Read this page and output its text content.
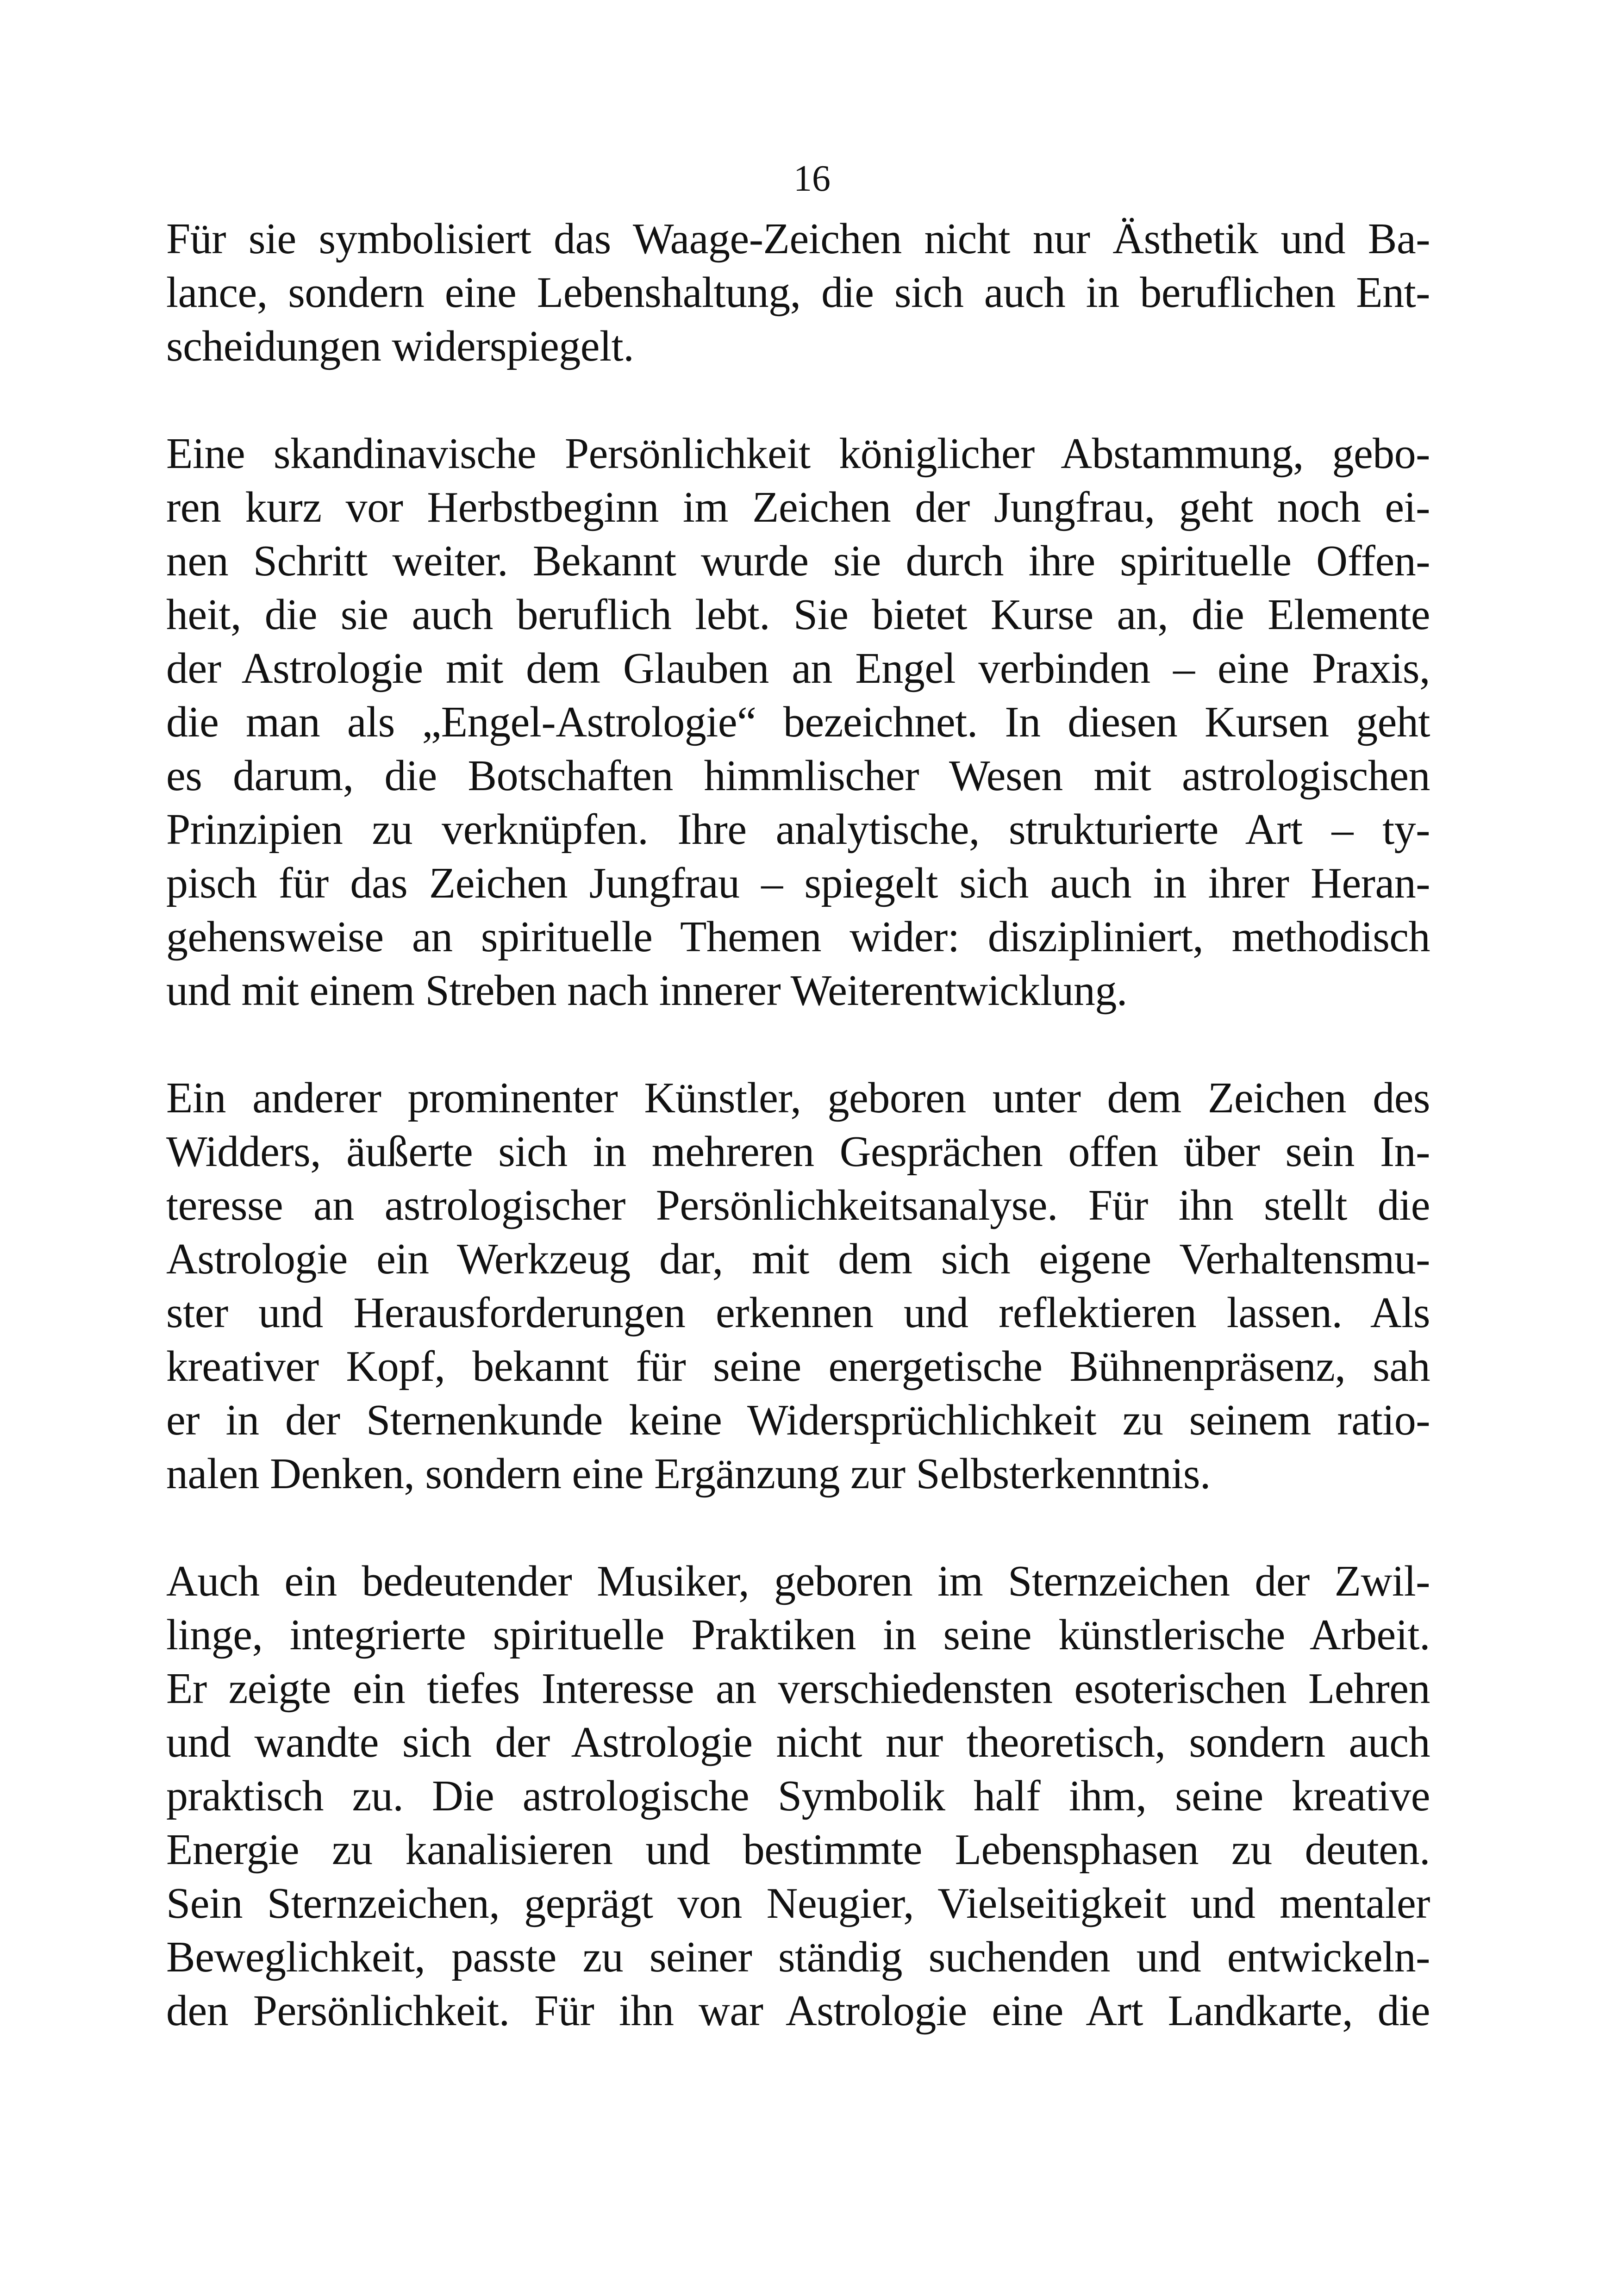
16

Für sie symbolisiert das Waage-Zeichen nicht nur Ästhetik und Ba-
lance, sondern eine Lebenshaltung, die sich auch in beruflichen Ent-
scheidungen widerspiegelt.

Eine skandinavische Persönlichkeit königlicher Abstammung, gebo-
ren kurz vor Herbstbeginn im Zeichen der Jungfrau, geht noch ei-
nen Schritt weiter. Bekannt wurde sie durch ihre spirituelle Offen-
heit, die sie auch beruflich lebt. Sie bietet Kurse an, die Elemente
der Astrologie mit dem Glauben an Engel verbinden – eine Praxis,
die man als „Engel-Astrologie“ bezeichnet. In diesen Kursen geht
es darum, die Botschaften himmlischer Wesen mit astrologischen
Prinzipien zu verknüpfen. Ihre analytische, strukturierte Art – ty-
pisch für das Zeichen Jungfrau – spiegelt sich auch in ihrer Heran-
gehensweise an spirituelle Themen wider: diszipliniert, methodisch
und mit einem Streben nach innerer Weiterentwicklung.

Ein anderer prominenter Künstler, geboren unter dem Zeichen des
Widders, äußerte sich in mehreren Gesprächen offen über sein In-
teresse an astrologischer Persönlichkeitsanalyse. Für ihn stellt die
Astrologie ein Werkzeug dar, mit dem sich eigene Verhaltensmu-
ster und Herausforderungen erkennen und reflektieren lassen. Als
kreativer Kopf, bekannt für seine energetische Bühnenpräsenz, sah
er in der Sternenkunde keine Widersprüchlichkeit zu seinem ratio-
nalen Denken, sondern eine Ergänzung zur Selbsterkenntnis.

Auch ein bedeutender Musiker, geboren im Sternzeichen der Zwil-
linge, integrierte spirituelle Praktiken in seine künstlerische Arbeit.
Er zeigte ein tiefes Interesse an verschiedensten esoterischen Lehren
und wandte sich der Astrologie nicht nur theoretisch, sondern auch
praktisch zu. Die astrologische Symbolik half ihm, seine kreative
Energie zu kanalisieren und bestimmte Lebensphasen zu deuten.
Sein Sternzeichen, geprägt von Neugier, Vielseitigkeit und mentaler
Beweglichkeit, passte zu seiner ständig suchenden und entwickeln-
den Persönlichkeit. Für ihn war Astrologie eine Art Landkarte, die
